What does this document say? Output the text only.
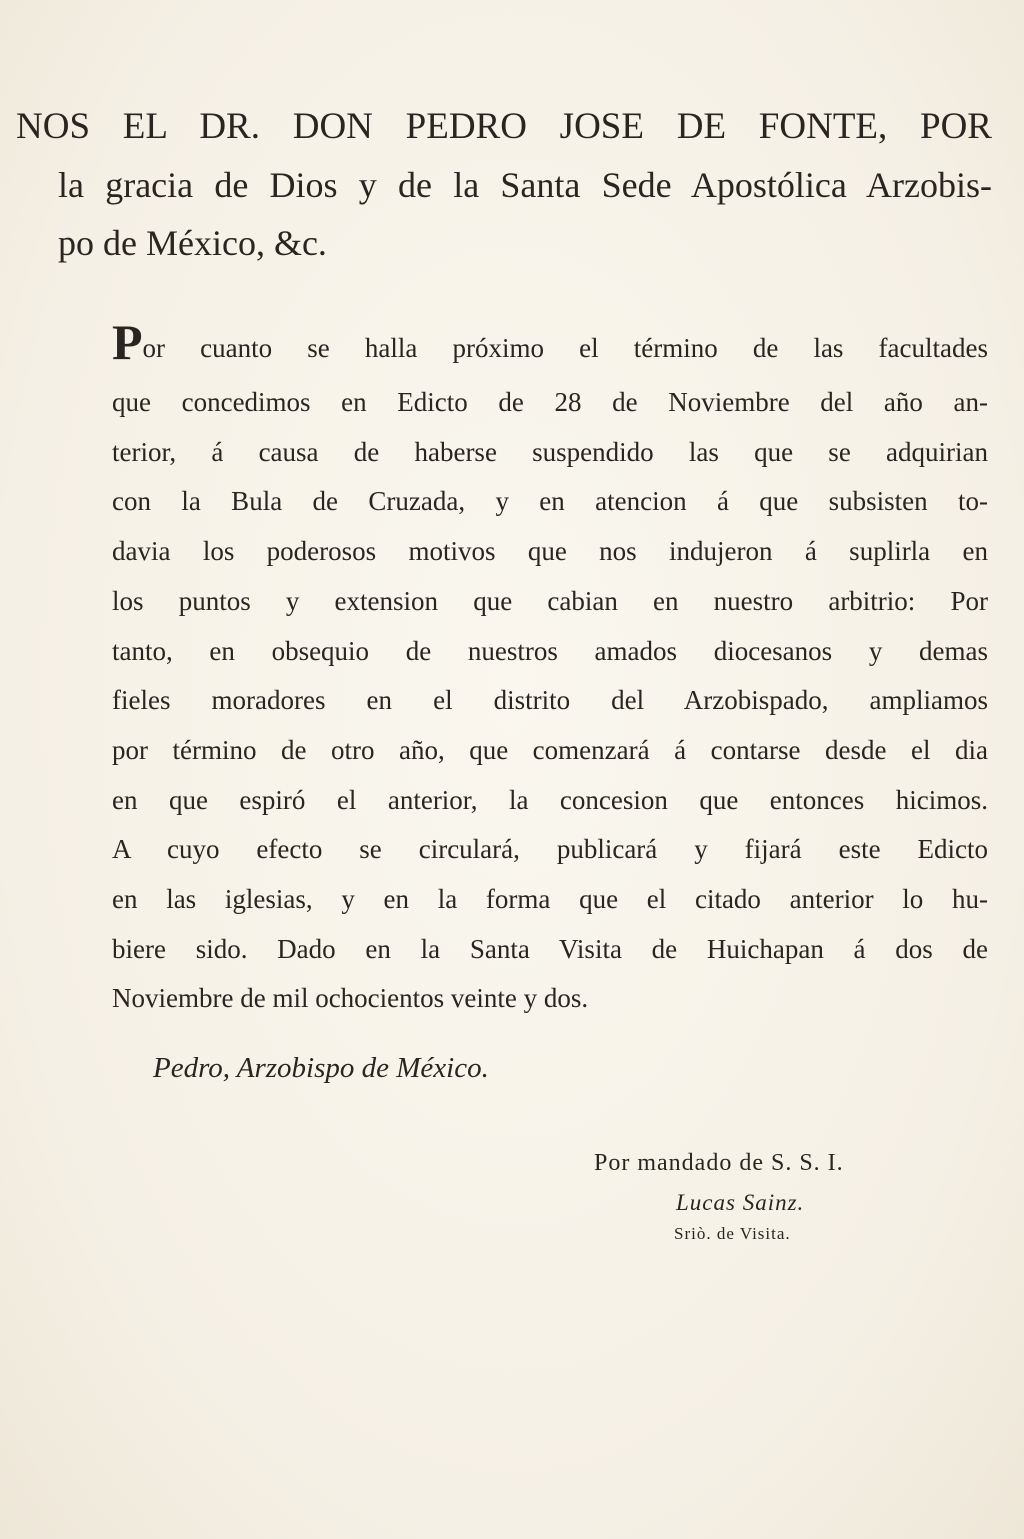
NOS EL DR. DON PEDRO JOSE DE FONTE, POR
la gracia de Dios y de la Santa Sede Apostólica Arzobis-
po de México, &c.
Por cuanto se halla próximo el término de las facultades
que concedimos en Edicto de 28 de Noviembre del año an-
terior, á causa de haberse suspendido las que se adquirian
con la Bula de Cruzada, y en atencion á que subsisten to-
davia los poderosos motivos que nos indujeron á suplirla en
los puntos y extension que cabian en nuestro arbitrio: Por
tanto, en obsequio de nuestros amados diocesanos y demas
fieles moradores en el distrito del Arzobispado, ampliamos
por término de otro año, que comenzará á contarse desde el dia
en que espiró el anterior, la concesion que entonces hicimos.
A cuyo efecto se circulará, publicará y fijará este Edicto
en las iglesias, y en la forma que el citado anterior lo hu-
biere sido. Dado en la Santa Visita de Huichapan á dos de
Noviembre de mil ochocientos veinte y dos.
Pedro, Arzobispo de México.
Por mandado de S. S. I.
Lucas Sainz.
Sriò. de Visita.
